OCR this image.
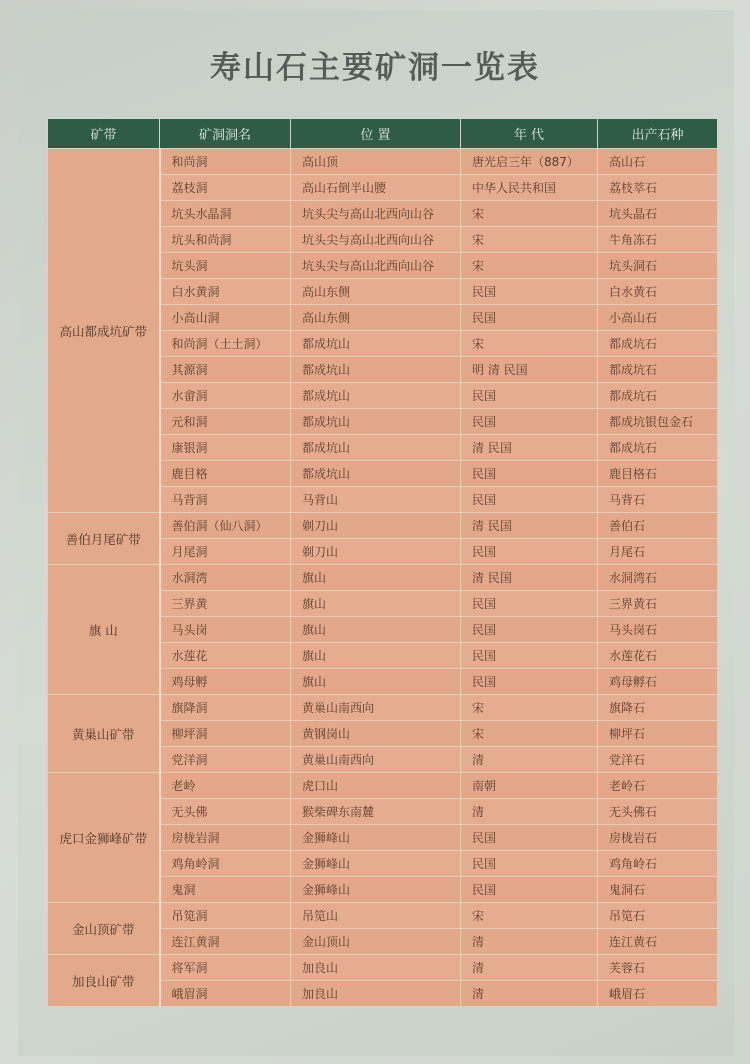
寿山石主要矿洞一览表
矿带	矿洞洞名	位 置	年 代	出产石种
高山都成坑矿带	和尚洞	高山顶	唐光启三年（887）	高山石
	荔枝洞	高山石倒半山腰	中华人民共和国	荔枝萃石
	坑头水晶洞	坑头尖与高山北西向山谷	宋	坑头晶石
	坑头和尚洞	坑头尖与高山北西向山谷	宋	牛角冻石
	坑头洞	坑头尖与高山北西向山谷	宋	坑头洞石
	白水黄洞	高山东侧	民国	白水黄石
	小高山洞	高山东侧	民国	小高山石
	和尚洞（土土洞）	都成坑山	宋	都成坑石
	其源洞	都成坑山	明 清 民国	都成坑石
	水畲洞	都成坑山	民国	都成坑石
	元和洞	都成坑山	民国	都成坑银包金石
	康银洞	都成坑山	清 民国	都成坑石
	鹿目格	都成坑山	民国	鹿目格石
	马背洞	马背山	民国	马背石
善伯月尾矿带	善伯洞（仙八洞）	剃刀山	清 民国	善伯石
	月尾洞	剃刀山	民国	月尾石
旗 山	水洞湾	旗山	清 民国	水洞湾石
	三界黄	旗山	民国	三界黄石
	马头岗	旗山	民国	马头岗石
	水莲花	旗山	民国	水莲花石
	鸡母孵	旗山	民国	鸡母孵石
黄巢山矿带	旗降洞	黄巢山南西向	宋	旗降石
	柳坪洞	黄钢岗山	宋	柳坪石
	党洋洞	黄巢山南西向	清	党洋石
虎口金狮峰矿带	老岭	虎口山	南朝	老岭石
	无头佛	猴柴碑东南麓	清	无头佛石
	房栊岩洞	金狮峰山	民国	房栊岩石
	鸡角岭洞	金狮峰山	民国	鸡角岭石
	鬼洞	金狮峰山	民国	鬼洞石
金山顶矿带	吊笕洞	吊笕山	宋	吊笕石
	连江黄洞	金山顶山	清	连江黄石
加良山矿带	将军洞	加良山	清	芙蓉石
	峨眉洞	加良山	清	峨眉石
